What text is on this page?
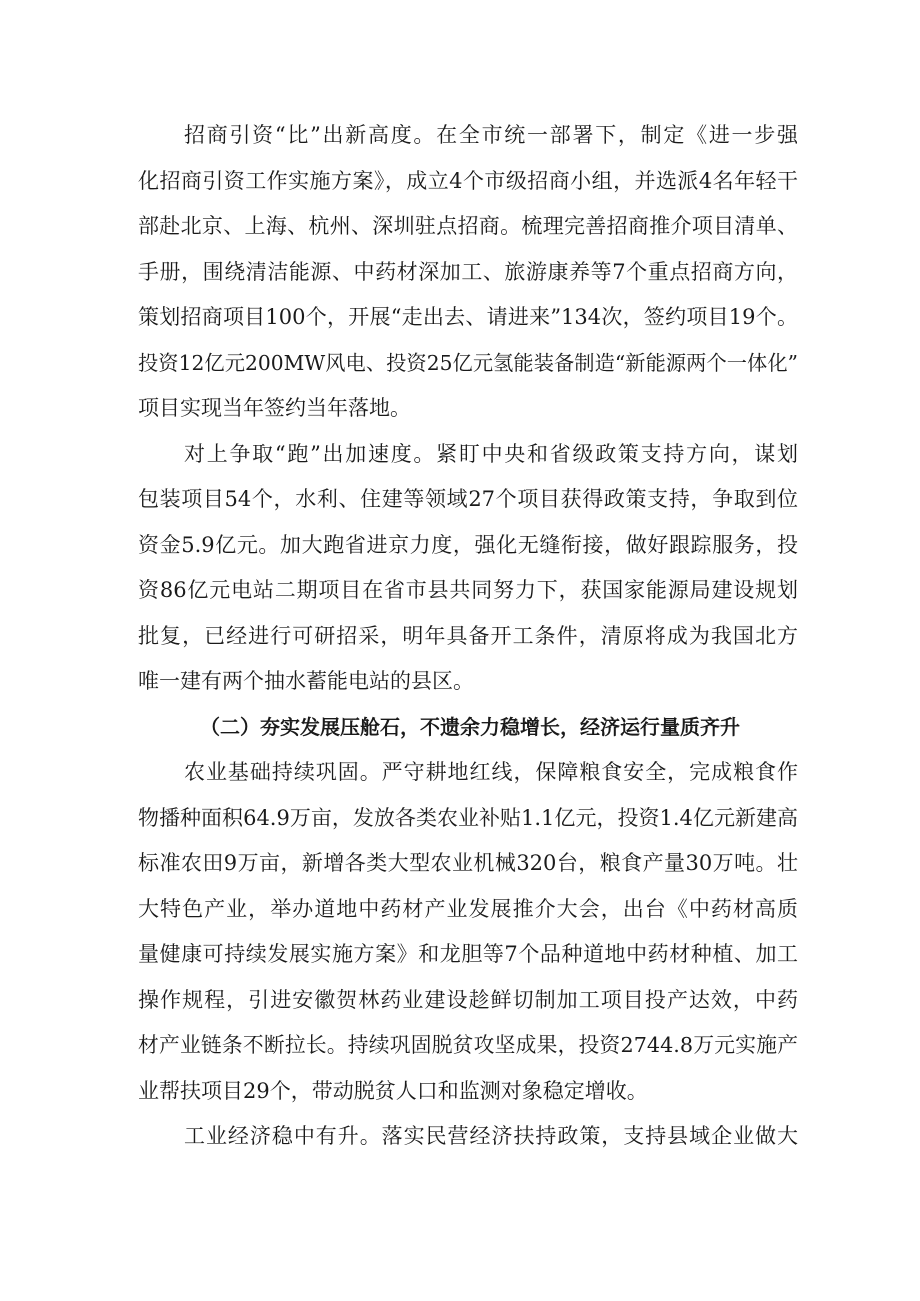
招商引资“比”出新高度。在全市统一部署下，制定《进一步强
化招商引资工作实施方案》，成立4个市级招商小组，并选派4名年轻干
部赴北京、上海、杭州、深圳驻点招商。梳理完善招商推介项目清单、
手册，围绕清洁能源、中药材深加工、旅游康养等7个重点招商方向，
策划招商项目100个，开展“走出去、请进来”134次，签约项目19个。
投资12亿元200MW风电、投资25亿元氢能装备制造“新能源两个一体化”
项目实现当年签约当年落地。
对上争取“跑”出加速度。紧盯中央和省级政策支持方向，谋划
包装项目54个，水利、住建等领域27个项目获得政策支持，争取到位
资金5.9亿元。加大跑省进京力度，强化无缝衔接，做好跟踪服务，投
资86亿元电站二期项目在省市县共同努力下，获国家能源局建设规划
批复，已经进行可研招采，明年具备开工条件，清原将成为我国北方
唯一建有两个抽水蓄能电站的县区。
（二）夯实发展压舱石，不遗余力稳增长，经济运行量质齐升
农业基础持续巩固。严守耕地红线，保障粮食安全，完成粮食作
物播种面积64.9万亩，发放各类农业补贴1.1亿元，投资1.4亿元新建高
标准农田9万亩，新增各类大型农业机械320台，粮食产量30万吨。壮
大特色产业，举办道地中药材产业发展推介大会，出台《中药材高质
量健康可持续发展实施方案》和龙胆等7个品种道地中药材种植、加工
操作规程，引进安徽贺林药业建设趁鲜切制加工项目投产达效，中药
材产业链条不断拉长。持续巩固脱贫攻坚成果，投资2744.8万元实施产
业帮扶项目29个，带动脱贫人口和监测对象稳定增收。
工业经济稳中有升。落实民营经济扶持政策，支持县域企业做大
